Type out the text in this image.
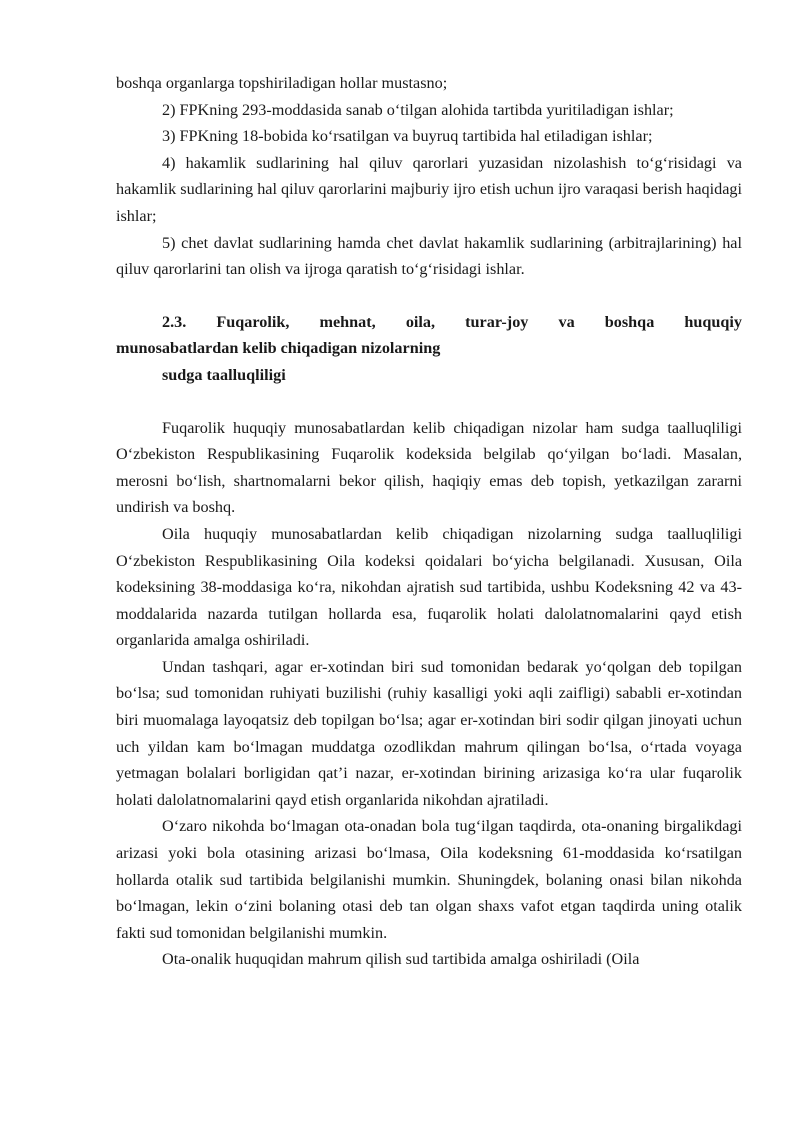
boshqa organlarga topshiriladigan hollar mustasno;

2) FPKning 293-moddasida sanab o‘tilgan alohida tartibda yuritiladigan ishlar;

3) FPKning 18-bobida ko‘rsatilgan va buyruq tartibida hal etiladigan ishlar;

4) hakamlik sudlarining hal qiluv qarorlari yuzasidan nizolashish to‘g‘risidagi va hakamlik sudlarining hal qiluv qarorlarini majburiy ijro etish uchun ijro varaqasi berish haqidagi ishlar;

5) chet davlat sudlarining hamda chet davlat hakamlik sudlarining (arbitrajlarining) hal qiluv qarorlarini tan olish va ijroga qaratish to‘g‘risidagi ishlar.

2.3. Fuqarolik, mehnat, oila, turar-joy va boshqa huquqiy

munosabatlardan kelib chiqadigan nizolarning

sudga taalluqliligi

Fuqarolik huquqiy munosabatlardan kelib chiqadigan nizolar ham sudga taalluqliligi O‘zbekiston Respublikasining Fuqarolik kodeksida belgilab qo‘yilgan bo‘ladi. Masalan, merosni bo‘lish, shartnomalarni bekor qilish, haqiqiy emas deb topish, yetkazilgan zararni undirish va boshq.

Oila huquqiy munosabatlardan kelib chiqadigan nizolarning sudga taalluqliligi O‘zbekiston Respublikasining Oila kodeksi qoidalari bo‘yicha belgilanadi. Xususan, Oila kodeksining 38-moddasiga ko‘ra, nikohdan ajratish sud tartibida, ushbu Kodeksning 42 va 43-moddalarida nazarda tutilgan hollarda esa, fuqarolik holati dalolatnomalarini qayd etish organlarida amalga oshiriladi.

Undan tashqari, agar er-xotindan biri sud tomonidan bedarak yo‘qolgan deb topilgan bo‘lsa; sud tomonidan ruhiyati buzilishi (ruhiy kasalligi yoki aqli zaifligi) sababli er-xotindan biri muomalaga layoqatsiz deb topilgan bo‘lsa; agar er-xotindan biri sodir qilgan jinoyati uchun uch yildan kam bo‘lmagan muddatga ozodlikdan mahrum qilingan bo‘lsa, o‘rtada voyaga yetmagan bolalari borligidan qat’i nazar, er-xotindan birining arizasiga ko‘ra ular fuqarolik holati dalolatnomalarini qayd etish organlarida nikohdan ajratiladi.

O‘zaro nikohda bo‘lmagan ota-onadan bola tug‘ilgan taqdirda, ota-onaning birgalikdagi arizasi yoki bola otasining arizasi bo‘lmasa, Oila kodeksning 61-moddasida ko‘rsatilgan hollarda otalik sud tartibida belgilanishi mumkin. Shuningdek, bolaning onasi bilan nikohda bo‘lmagan, lekin o‘zini bolaning otasi deb tan olgan shaxs vafot etgan taqdirda uning otalik fakti sud tomonidan belgilanishi mumkin.

Ota-onalik huquqidan mahrum qilish sud tartibida amalga oshiriladi (Oila
